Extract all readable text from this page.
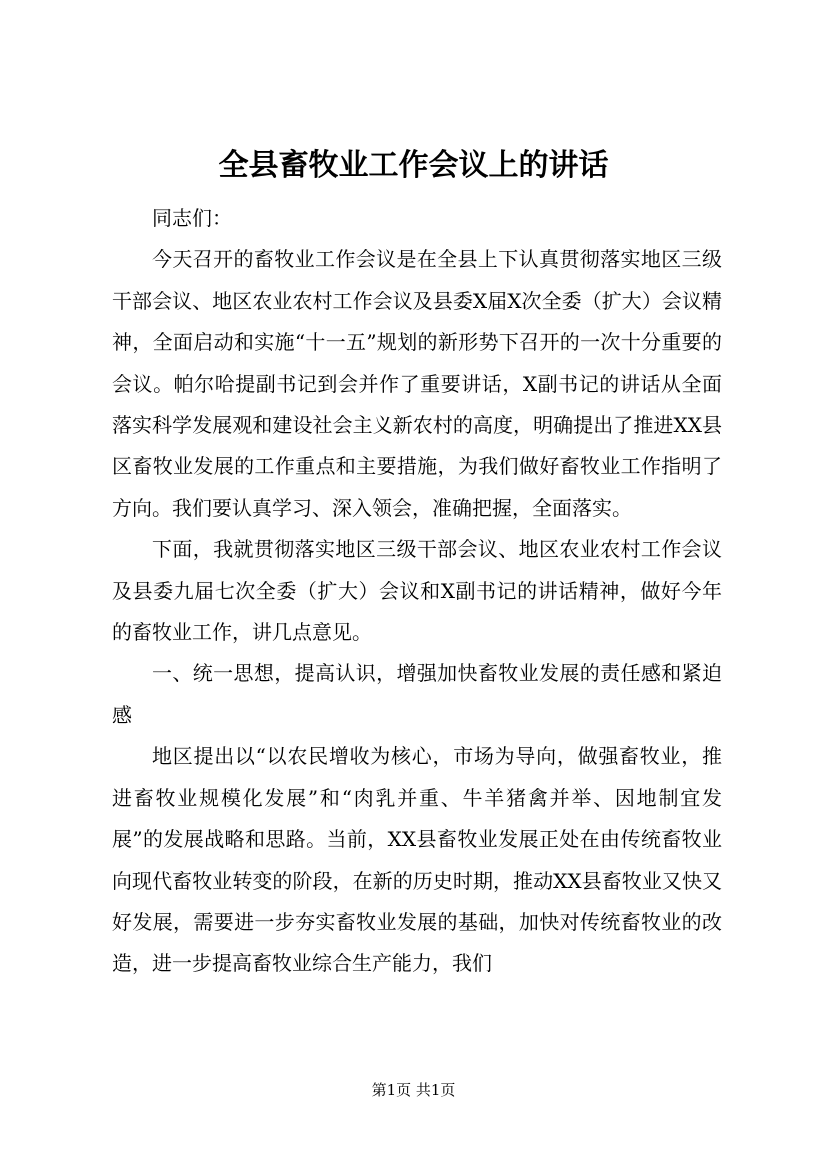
全县畜牧业工作会议上的讲话

同志们：

今天召开的畜牧业工作会议是在全县上下认真贯彻落实地区三级干部会议、地区农业农村工作会议及县委X届X次全委（扩大）会议精神，全面启动和实施“十一五”规划的新形势下召开的一次十分重要的会议。帕尔哈提副书记到会并作了重要讲话，X副书记的讲话从全面落实科学发展观和建设社会主义新农村的高度，明确提出了推进XX县区畜牧业发展的工作重点和主要措施，为我们做好畜牧业工作指明了方向。我们要认真学习、深入领会，准确把握，全面落实。

下面，我就贯彻落实地区三级干部会议、地区农业农村工作会议及县委九届七次全委（扩大）会议和X副书记的讲话精神，做好今年的畜牧业工作，讲几点意见。

一、统一思想，提高认识，增强加快畜牧业发展的责任感和紧迫感

地区提出以“以农民增收为核心，市场为导向，做强畜牧业，推进畜牧业规模化发展”和“肉乳并重、牛羊猪禽并举、因地制宜发展”的发展战略和思路。当前，XX县畜牧业发展正处在由传统畜牧业向现代畜牧业转变的阶段，在新的历史时期，推动XX县畜牧业又快又好发展，需要进一步夯实畜牧业发展的基础，加快对传统畜牧业的改造，进一步提高畜牧业综合生产能力，我们

第1页 共1页
